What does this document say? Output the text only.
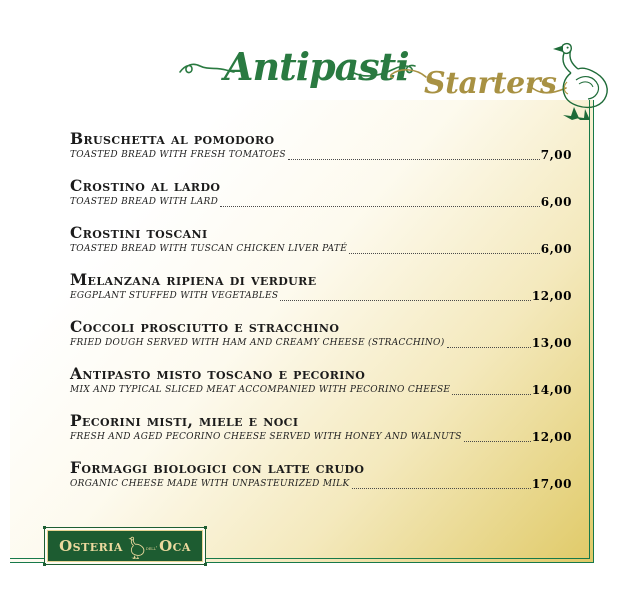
Antipasti Starters
Bruschetta al pomodoro
TOASTED BREAD WITH FRESH TOMATOES	7,00
Crostino al lardo
TOASTED BREAD WITH LARD	6,00
Crostini toscani
TOASTED BREAD WITH TUSCAN CHICKEN LIVER PATÉ	6,00
Melanzana ripiena di verdure
EGGPLANT STUFFED WITH VEGETABLES	12,00
Coccoli prosciutto e stracchino
FRIED DOUGH SERVED WITH HAM AND CREAMY CHEESE (STRACCHINO)	13,00
Antipasto misto toscano e pecorino
MIX AND TYPICAL SLICED MEAT ACCOMPANIED WITH PECORINO CHEESE	14,00
Pecorini misti, miele e noci
FRESH AND AGED PECORINO CHEESE SERVED WITH HONEY AND WALNUTS	12,00
Formaggi biologici con latte crudo
ORGANIC CHEESE MADE WITH UNPASTEURIZED MILK	17,00
Osteria	dell' Oca
